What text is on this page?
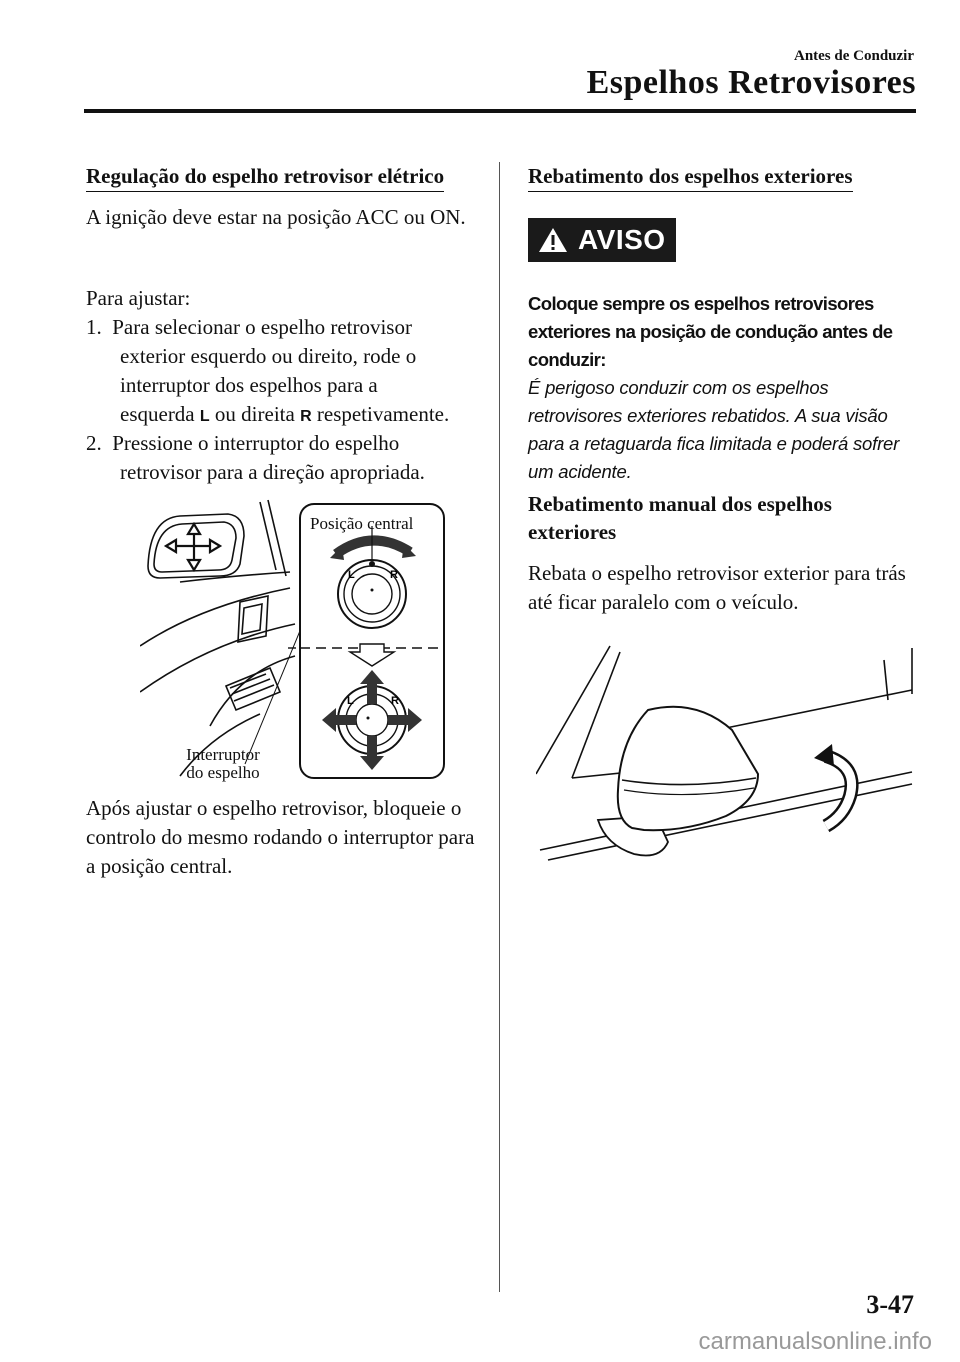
Antes de Conduzir
Espelhos Retrovisores
Regulação do espelho retrovisor elétrico
A ignição deve estar na posição ACC ou ON.
Para ajustar:
1. Para selecionar o espelho retrovisor
exterior esquerdo ou direito, rode o
interruptor dos espelhos para a
esquerda L ou direita R respetivamente.
2. Pressione o interruptor do espelho
retrovisor para a direção apropriada.
L	R
L	R
Posição central
Interruptor
do espelho
Após ajustar o espelho retrovisor, bloqueie o controlo do mesmo rodando o interruptor para a posição central.
Rebatimento dos espelhos exteriores
AVISO
Coloque sempre os espelhos retrovisores exteriores na posição de condução antes de conduzir:
É perigoso conduzir com os espelhos retrovisores exteriores rebatidos. A sua visão para a retaguarda fica limitada e poderá sofrer um acidente.
Rebatimento manual dos espelhos exteriores
Rebata o espelho retrovisor exterior para trás até ficar paralelo com o veículo.
3-47
carmanualsonline.info
